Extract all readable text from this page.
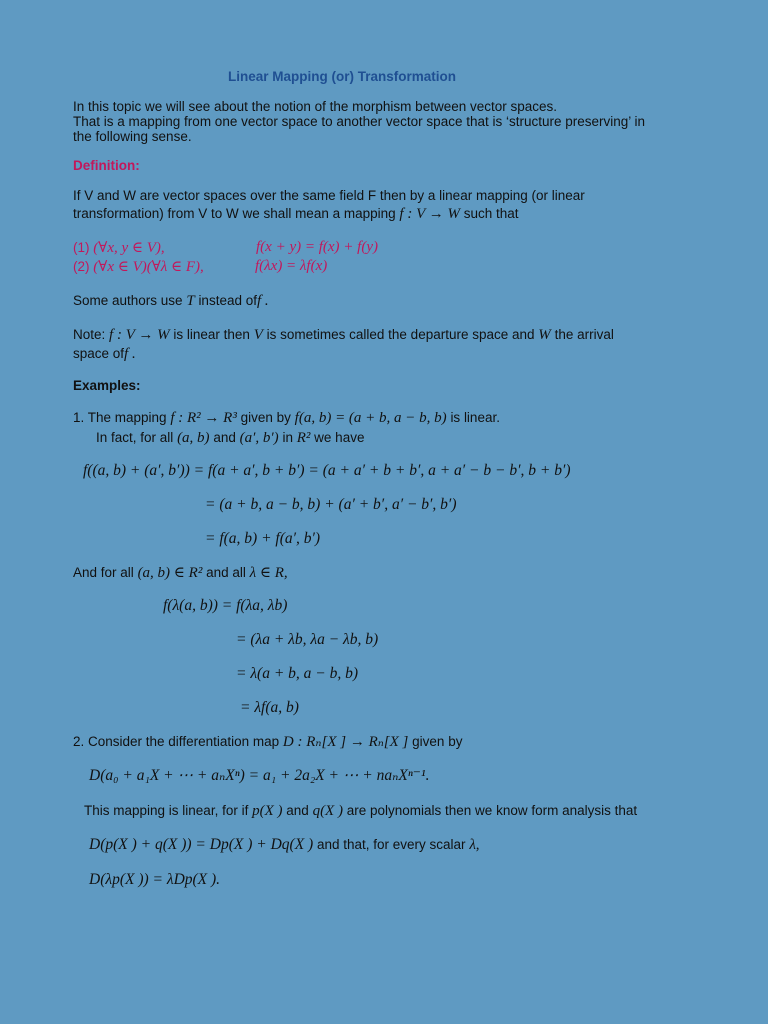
Linear Mapping (or) Transformation
In this topic we will see about the notion of the morphism between vector spaces.
That is a mapping from one vector space to another vector space that is ‘structure preserving’ in
the following sense.
Definition:
If V and W are vector spaces over the same field F then by a linear mapping (or linear
transformation) from V to W we shall mean a mapping f : V → W such that
(1) (∀x, y ∈ V),	f(x + y) = f(x) + f(y)
(2) (∀x ∈ V)(∀λ ∈ F),	f(λx) = λf(x)
Some authors use T instead off .
Note: f : V → W is linear then V is sometimes called the departure space and W the arrival
space off .
Examples:
1. The mapping f : R² → R³ given by f(a, b) = (a + b, a − b, b) is linear.
In fact, for all (a, b) and (a′, b′) in R² we have
f((a, b) + (a′, b′)) = f(a + a′, b + b′) = (a + a′ + b + b′, a + a′ − b − b′, b + b′)
= (a + b, a − b, b) + (a′ + b′, a′ − b′, b′)
= f(a, b) + f(a′, b′)
And for all (a, b) ∈ R² and all λ ∈ R,
f(λ(a, b)) = f(λa, λb)
= (λa + λb, λa − λb, b)
= λ(a + b, a − b, b)
= λf(a, b)
2. Consider the differentiation map D : Rₙ[X ] → Rₙ[X ] given by
D(a₀ + a₁X + ⋯ + aₙXⁿ) = a₁ + 2a₂X + ⋯ + naₙXⁿ⁻¹.
This mapping is linear, for if p(X ) and q(X ) are polynomials then we know form analysis that
D(p(X ) + q(X )) = Dp(X ) + Dq(X ) and that, for every scalar λ,
D(λp(X )) = λDp(X ).
